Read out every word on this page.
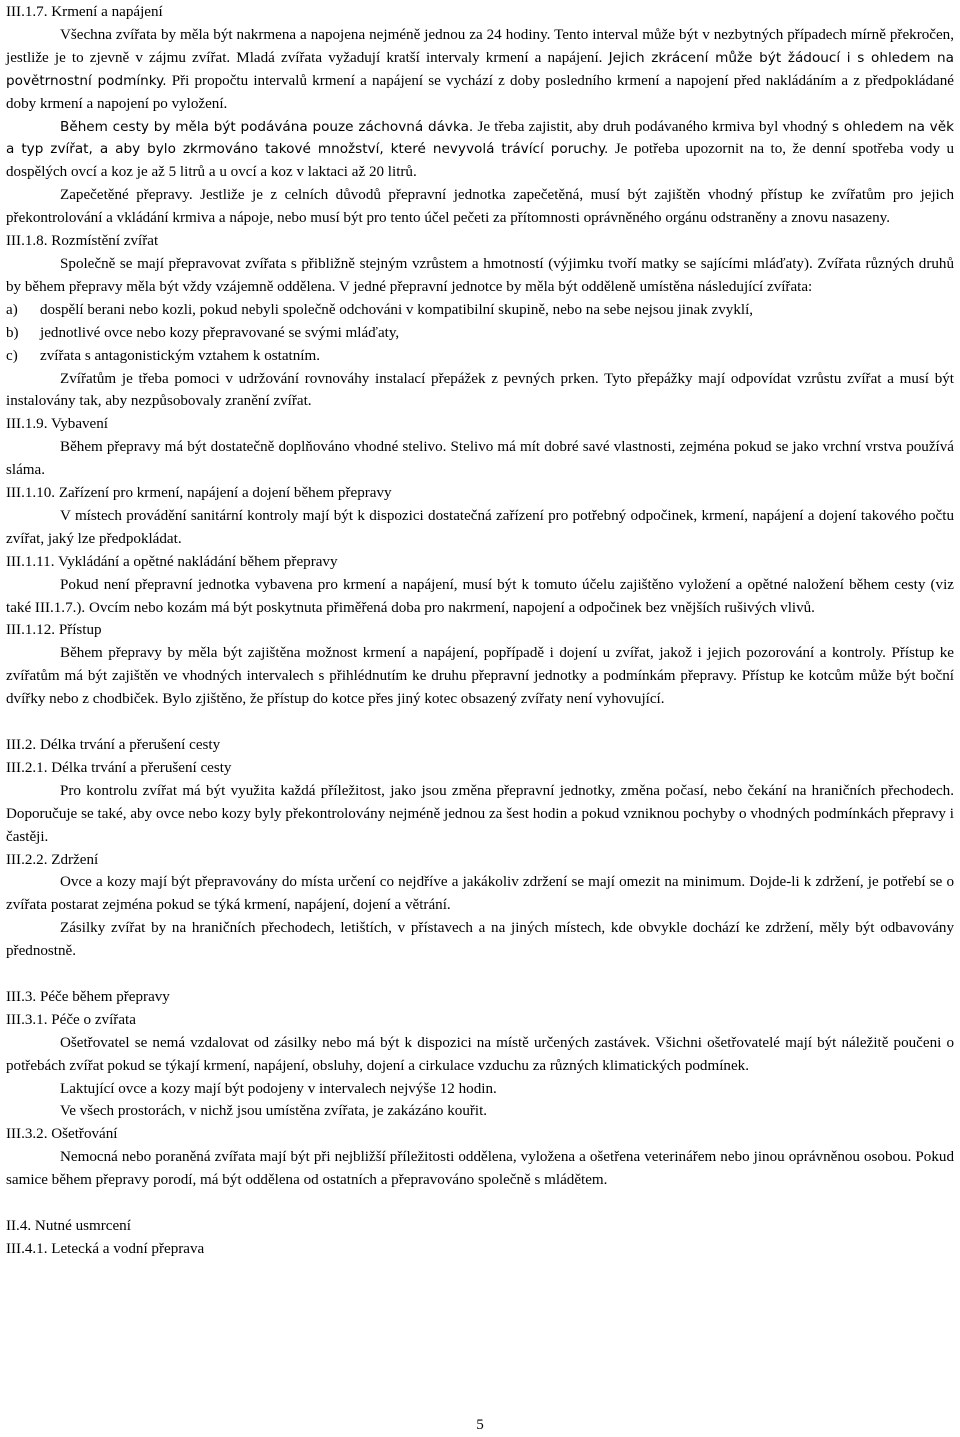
III.1.7. Krmení a napájení

Všechna zvířata by měla být nakrmena a napojena nejméně jednou za 24 hodiny. Tento interval může být v nezbytných případech mírně překročen, jestliže je to zjevně v zájmu zvířat. Mladá zvířata vyžadují kratší intervaly krmení a napájení. Jejich zkrácení může být žádoucí i s ohledem na povětrnostní podmínky. Při propočtu intervalů krmení a napájení se vychází z doby posledního krmení a napojení před nakládáním a z předpokládané doby krmení a napojení po vyložení.

Během cesty by měla být podávána pouze záchovná dávka. Je třeba zajistit, aby druh podávaného krmiva byl vhodný s ohledem na věk a typ zvířat, a aby bylo zkrmováno takové množství, které nevyvolá trávící poruchy. Je potřeba upozornit na to, že denní spotřeba vody u dospělých ovcí a koz je až 5 litrů a u ovcí a koz v laktaci až 20 litrů.

Zapečetěné přepravy. Jestliže je z celních důvodů přepravní jednotka zapečetěná, musí být zajištěn vhodný přístup ke zvířatům pro jejich překontrolování a vkládání krmiva a nápoje, nebo musí být pro tento účel pečeti za přítomnosti oprávněného orgánu odstraněny a znovu nasazeny.

III.1.8. Rozmístění zvířat

Společně se mají přepravovat zvířata s přibližně stejným vzrůstem a hmotností (výjimku tvoří matky se sajícími mláďaty). Zvířata různých druhů by během přepravy měla být vždy vzájemně oddělena. V jedné přepravní jednotce by měla být odděleně umístěna následující zvířata:

a)	dospělí berani nebo kozli, pokud nebyli společně odchováni v kompatibilní skupině, nebo na sebe nejsou jinak zvyklí,
b)	jednotlivé ovce nebo kozy přepravované se svými mláďaty,
c)	zvířata s antagonistickým vztahem k ostatním.

Zvířatům je třeba pomoci v udržování rovnováhy instalací přepážek z pevných prken. Tyto přepážky mají odpovídat vzrůstu zvířat a musí být instalovány tak, aby nezpůsobovaly zranění zvířat.

III.1.9. Vybavení

Během přepravy má být dostatečně doplňováno vhodné stelivo. Stelivo má mít dobré savé vlastnosti, zejména pokud se jako vrchní vrstva používá sláma.

III.1.10. Zařízení pro krmení, napájení a dojení během přepravy

V místech provádění sanitární kontroly mají být k dispozici dostatečná zařízení pro potřebný odpočinek, krmení, napájení a dojení takového počtu zvířat, jaký lze předpokládat.

III.1.11. Vykládání a opětné nakládání během přepravy

Pokud není přepravní jednotka vybavena pro krmení a napájení, musí být k tomuto účelu zajištěno vyložení a opětné naložení během cesty (viz také III.1.7.). Ovcím nebo kozám má být poskytnuta přiměřená doba pro nakrmení, napojení a odpočinek bez vnějších rušivých vlivů.

III.1.12. Přístup

Během přepravy by měla být zajištěna možnost krmení a napájení, popřípadě i dojení u zvířat, jakož i jejich pozorování a kontroly. Přístup ke zvířatům má být zajištěn ve vhodných intervalech s přihlédnutím ke druhu přepravní jednotky a podmínkám přepravy. Přístup ke kotcům může být boční dvířky nebo z chodbiček. Bylo zjištěno, že přístup do kotce přes jiný kotec obsazený zvířaty není vyhovující.

III.2. Délka trvání a přerušení cesty

III.2.1. Délka trvání a přerušení cesty

Pro kontrolu zvířat má být využita každá příležitost, jako jsou změna přepravní jednotky, změna počasí, nebo čekání na hraničních přechodech. Doporučuje se také, aby ovce nebo kozy byly překontrolovány nejméně jednou za šest hodin a pokud vzniknou pochyby o vhodných podmínkách přepravy i častěji.

III.2.2. Zdržení

Ovce a kozy mají být přepravovány do místa určení co nejdříve a jakákoliv zdržení se mají omezit na minimum. Dojde-li k zdržení, je potřebí se o zvířata postarat zejména pokud se týká krmení, napájení, dojení a větrání.

Zásilky zvířat by na hraničních přechodech, letištích, v přístavech a na jiných místech, kde obvykle dochází ke zdržení, měly být odbavovány přednostně.

III.3. Péče během přepravy

III.3.1. Péče o zvířata

Ošetřovatel se nemá vzdalovat od zásilky nebo má být k dispozici na místě určených zastávek. Všichni ošetřovatelé mají být náležitě poučeni o potřebách zvířat pokud se týkají krmení, napájení, obsluhy, dojení a cirkulace vzduchu za různých klimatických podmínek.

Laktující ovce a kozy mají být podojeny v intervalech nejvýše 12 hodin.

Ve všech prostorách, v nichž jsou umístěna zvířata, je zakázáno kouřit.

III.3.2. Ošetřování

Nemocná nebo poraněná zvířata mají být při nejbližší příležitosti oddělena, vyložena a ošetřena veterinářem nebo jinou oprávněnou osobou. Pokud samice během přepravy porodí, má být oddělena od ostatních a přepravováno společně s mládětem.

II.4. Nutné usmrcení

III.4.1. Letecká a vodní přeprava

5
